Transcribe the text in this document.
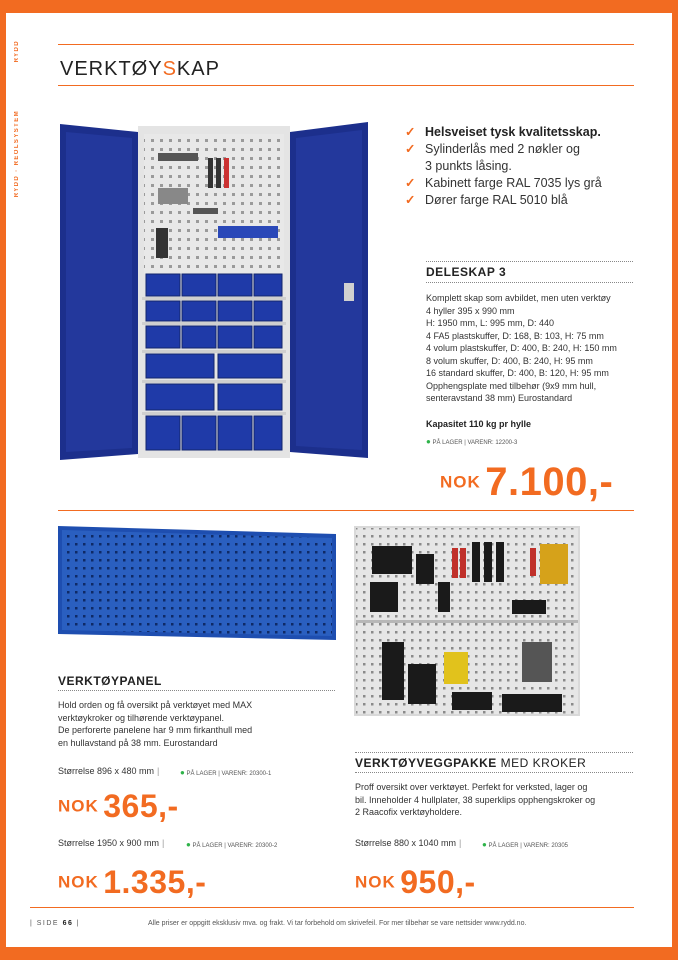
RYDD
RYDD · REOLSYSTEM
VERKTØYSKAP
✓ Helsveiset tysk kvalitetsskap.
✓ Sylinderlås med 2 nøkler og
3 punkts låsing.
✓ Kabinett farge RAL 7035 lys grå
✓ Dører farge RAL 5010 blå
DELESKAP 3
Komplett skap som avbildet, men uten verktøy
4 hyller 395 x 990 mm
H: 1950 mm, L: 995 mm, D: 440
4 FA5 plastskuffer, D: 168, B: 103, H: 75 mm
4 volum plastskuffer, D: 400, B: 240, H: 150 mm
8 volum skuffer, D: 400, B: 240, H: 95 mm
16 standard skuffer, D: 400, B: 120, H: 95 mm
Opphengsplate med tilbehør (9x9 mm hull,
senteravstand 38 mm) Eurostandard
Kapasitet 110 kg pr hylle
● PÅ LAGER | VARENR: 12200-3
NOK 7.100,-
VERKTØYPANEL
Hold orden og få oversikt på verktøyet med MAX
verktøykroker og tilhørende verktøypanel.
De perforerte panelene har 9 mm firkanthull med
en hullavstand på 38 mm. Eurostandard
Størrelse 896 x 480 mm |	● PÅ LAGER | VARENR: 20300-1
NOK 365,-
Størrelse 1950 x 900 mm |	● PÅ LAGER | VARENR: 20300-2
NOK 1.335,-
VERKTØYVEGGPAKKE MED KROKER
Proff oversikt over verktøyet. Perfekt for verksted, lager og
bil. Inneholder 4 hullplater, 38 superklips opphengskroker og
2 Raacofix verktøyholdere.
Størrelse 880 x 1040 mm |	● PÅ LAGER | VARENR: 20305
NOK 950,-
| SIDE 66 |	Alle priser er oppgitt eksklusiv mva. og frakt. Vi tar forbehold om skrivefeil. For mer tilbehør se vare nettsider www.rydd.no.
